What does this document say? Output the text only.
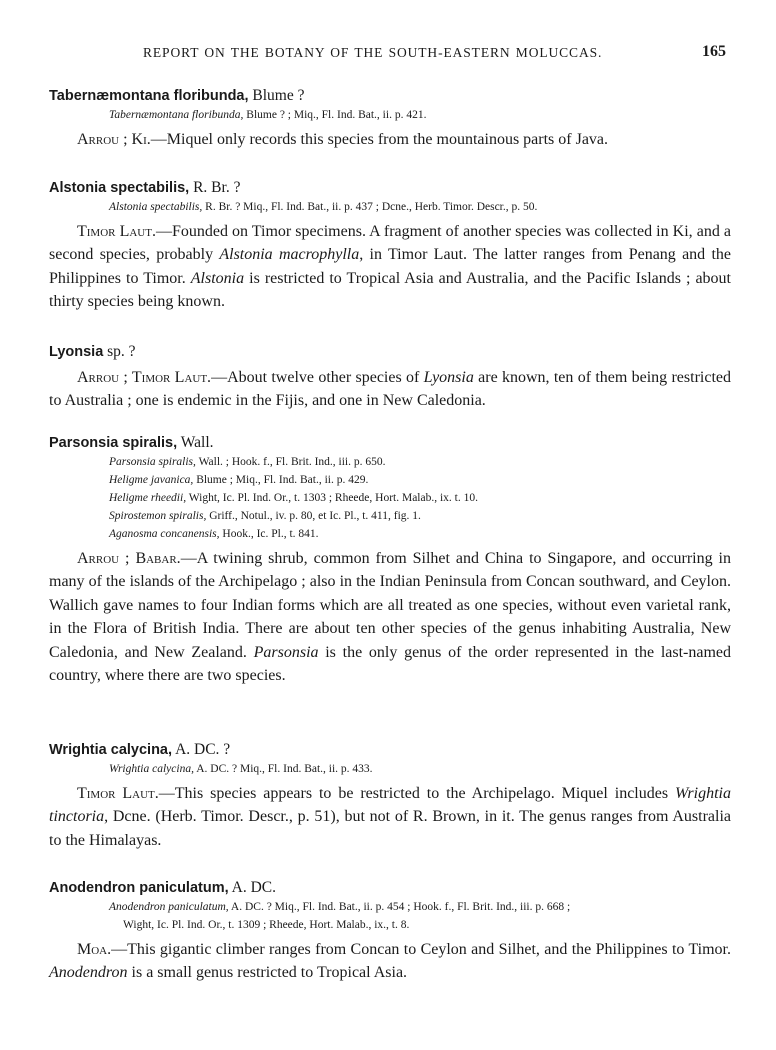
REPORT ON THE BOTANY OF THE SOUTH-EASTERN MOLUCCAS.	165
Tabernæmontana floribunda, Blume ?
Tabernæmontana floribunda, Blume ? ; Miq., Fl. Ind. Bat., ii. p. 421.
Arrou ; Ki.—Miquel only records this species from the mountainous parts of Java.
Alstonia spectabilis, R. Br. ?
Alstonia spectabilis, R. Br. ? Miq., Fl. Ind. Bat., ii. p. 437 ; Dcne., Herb. Timor. Descr., p. 50.
Timor Laut.—Founded on Timor specimens. A fragment of another species was collected in Ki, and a second species, probably Alstonia macrophylla, in Timor Laut. The latter ranges from Penang and the Philippines to Timor. Alstonia is restricted to Tropical Asia and Australia, and the Pacific Islands ; about thirty species being known.
Lyonsia sp. ?
Arrou ; Timor Laut.—About twelve other species of Lyonsia are known, ten of them being restricted to Australia ; one is endemic in the Fijis, and one in New Caledonia.
Parsonsia spiralis, Wall.
Parsonsia spiralis, Wall. ; Hook. f., Fl. Brit. Ind., iii. p. 650.
Heligme javanica, Blume ; Miq., Fl. Ind. Bat., ii. p. 429.
Heligme rheedii, Wight, Ic. Pl. Ind. Or., t. 1303 ; Rheede, Hort. Malab., ix. t. 10.
Spirostemon spiralis, Griff., Notul., iv. p. 80, et Ic. Pl., t. 411, fig. 1.
Aganosma concanensis, Hook., Ic. Pl., t. 841.
Arrou ; Babar.—A twining shrub, common from Silhet and China to Singapore, and occurring in many of the islands of the Archipelago ; also in the Indian Peninsula from Concan southward, and Ceylon. Wallich gave names to four Indian forms which are all treated as one species, without even varietal rank, in the Flora of British India. There are about ten other species of the genus inhabiting Australia, New Caledonia, and New Zealand. Parsonsia is the only genus of the order represented in the last-named country, where there are two species.
Wrightia calycina, A. DC. ?
Wrightia calycina, A. DC. ? Miq., Fl. Ind. Bat., ii. p. 433.
Timor Laut.—This species appears to be restricted to the Archipelago. Miquel includes Wrightia tinctoria, Dcne. (Herb. Timor. Descr., p. 51), but not of R. Brown, in it. The genus ranges from Australia to the Himalayas.
Anodendron paniculatum, A. DC.
Anodendron paniculatum, A. DC. ? Miq., Fl. Ind. Bat., ii. p. 454 ; Hook. f., Fl. Brit. Ind., iii. p. 668 ;
Wight, Ic. Pl. Ind. Or., t. 1309 ; Rheede, Hort. Malab., ix., t. 8.
Moa.—This gigantic climber ranges from Concan to Ceylon and Silhet, and the Philippines to Timor. Anodendron is a small genus restricted to Tropical Asia.
